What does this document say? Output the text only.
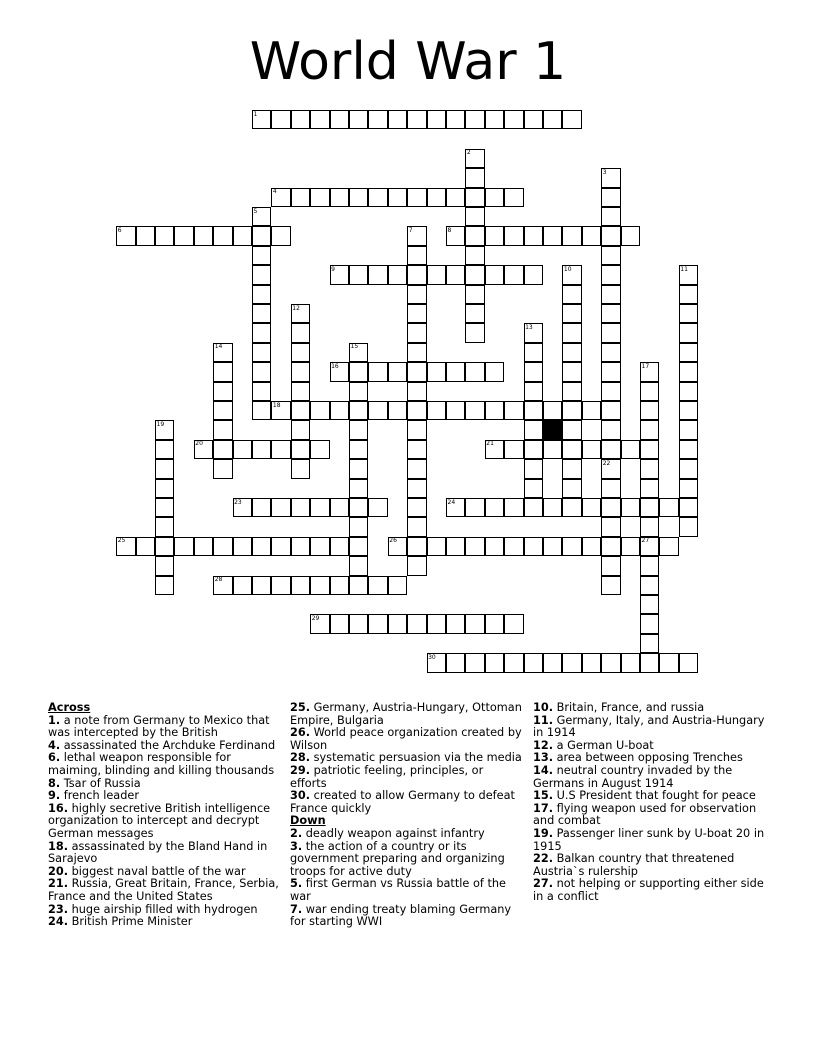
World War 1
1
4
6	8
9
16
18
20	21
23	24
25	26
28
29
30
2
3
5
7
10	11
12
13
14	15
17
19
22
27

Across

1. a note from Germany to Mexico that was intercepted by the British

4. assassinated the Archduke Ferdinand

6. lethal weapon responsible for maiming, blinding and killing thousands

8. Tsar of Russia

9. french leader

16. highly secretive British intelligence organization to intercept and decrypt German messages

18. assassinated by the Bland Hand in Sarajevo

20. biggest naval battle of the war

21. Russia, Great Britain, France, Serbia, France and the United States

23. huge airship filled with hydrogen

24. British Prime Minister

25. Germany, Austria-Hungary, Ottoman Empire, Bulgaria

26. World peace organization created by Wilson

28. systematic persuasion via the media

29. patriotic feeling, principles, or efforts

30. created to allow Germany to defeat France quickly

Down

2. deadly weapon against infantry

3. the action of a country or its government preparing and organizing troops for active duty

5. first German vs Russia battle of the war

7. war ending treaty blaming Germany for starting WWI

10. Britain, France, and russia

11. Germany, Italy, and Austria-Hungary in 1914

12. a German U-boat

13. area between opposing Trenches

14. neutral country invaded by the Germans in August 1914

15. U.S President that fought for peace

17. flying weapon used for observation and combat

19. Passenger liner sunk by U-boat 20 in 1915

22. Balkan country that threatened Austria`s rulership

27. not helping or supporting either side in a conflict
